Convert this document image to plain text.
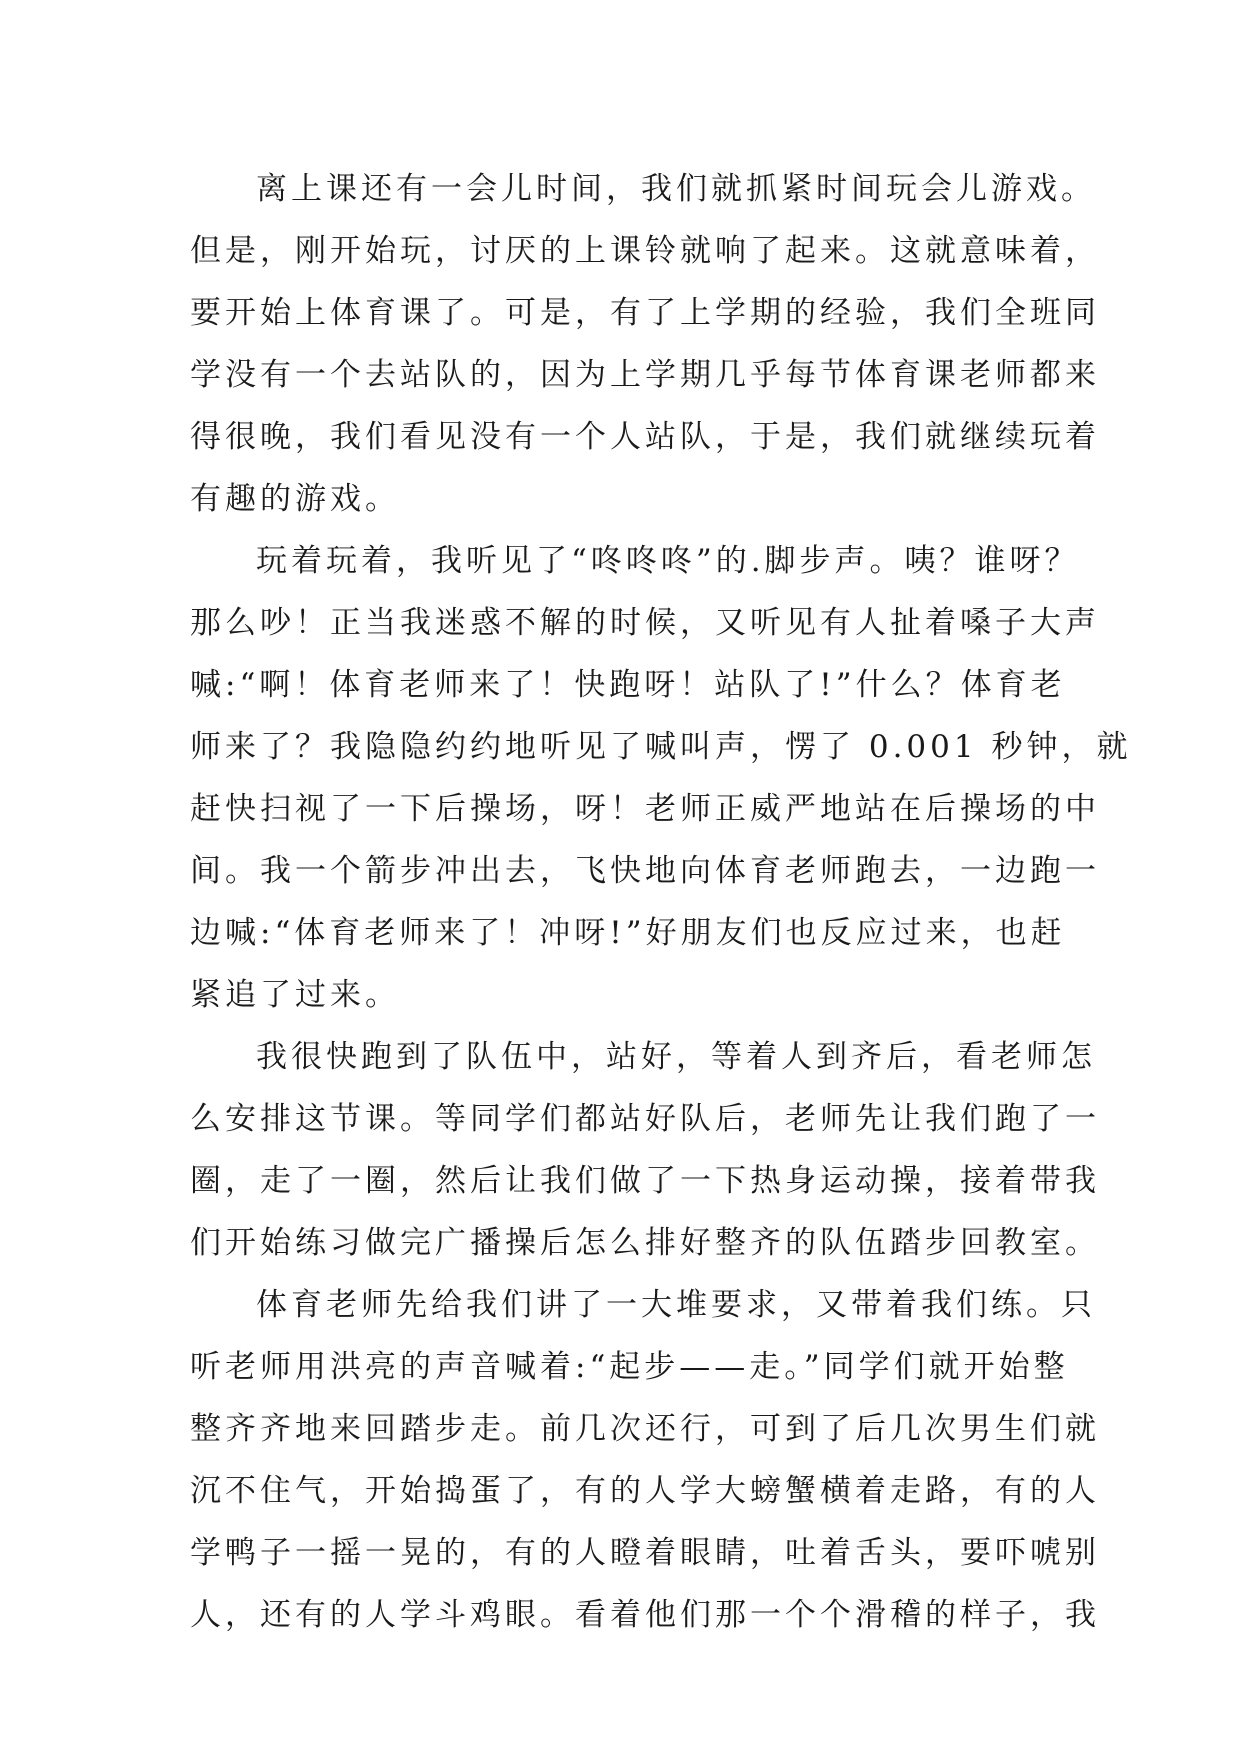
离上课还有一会儿时间，我们就抓紧时间玩会儿游戏。
但是，刚开始玩，讨厌的上课铃就响了起来。这就意味着，
要开始上体育课了。可是，有了上学期的经验，我们全班同
学没有一个去站队的，因为上学期几乎每节体育课老师都来
得很晚，我们看见没有一个人站队，于是，我们就继续玩着
有趣的游戏。
玩着玩着，我听见了“咚咚咚”的.脚步声。咦？谁呀？
那么吵！正当我迷惑不解的时候，又听见有人扯着嗓子大声
喊:“啊！体育老师来了！快跑呀！站队了!”什么？体育老
师来了？我隐隐约约地听见了喊叫声，愣了 0.001 秒钟，就
赶快扫视了一下后操场，呀！老师正威严地站在后操场的中
间。我一个箭步冲出去，飞快地向体育老师跑去，一边跑一
边喊:“体育老师来了！冲呀!”好朋友们也反应过来，也赶
紧追了过来。
我很快跑到了队伍中，站好，等着人到齐后，看老师怎
么安排这节课。等同学们都站好队后，老师先让我们跑了一
圈，走了一圈，然后让我们做了一下热身运动操，接着带我
们开始练习做完广播操后怎么排好整齐的队伍踏步回教室。
体育老师先给我们讲了一大堆要求，又带着我们练。只
听老师用洪亮的声音喊着:“起步——走。”同学们就开始整
整齐齐地来回踏步走。前几次还行，可到了后几次男生们就
沉不住气，开始捣蛋了，有的人学大螃蟹横着走路，有的人
学鸭子一摇一晃的，有的人瞪着眼睛，吐着舌头，要吓唬别
人，还有的人学斗鸡眼。看着他们那一个个滑稽的样子，我
